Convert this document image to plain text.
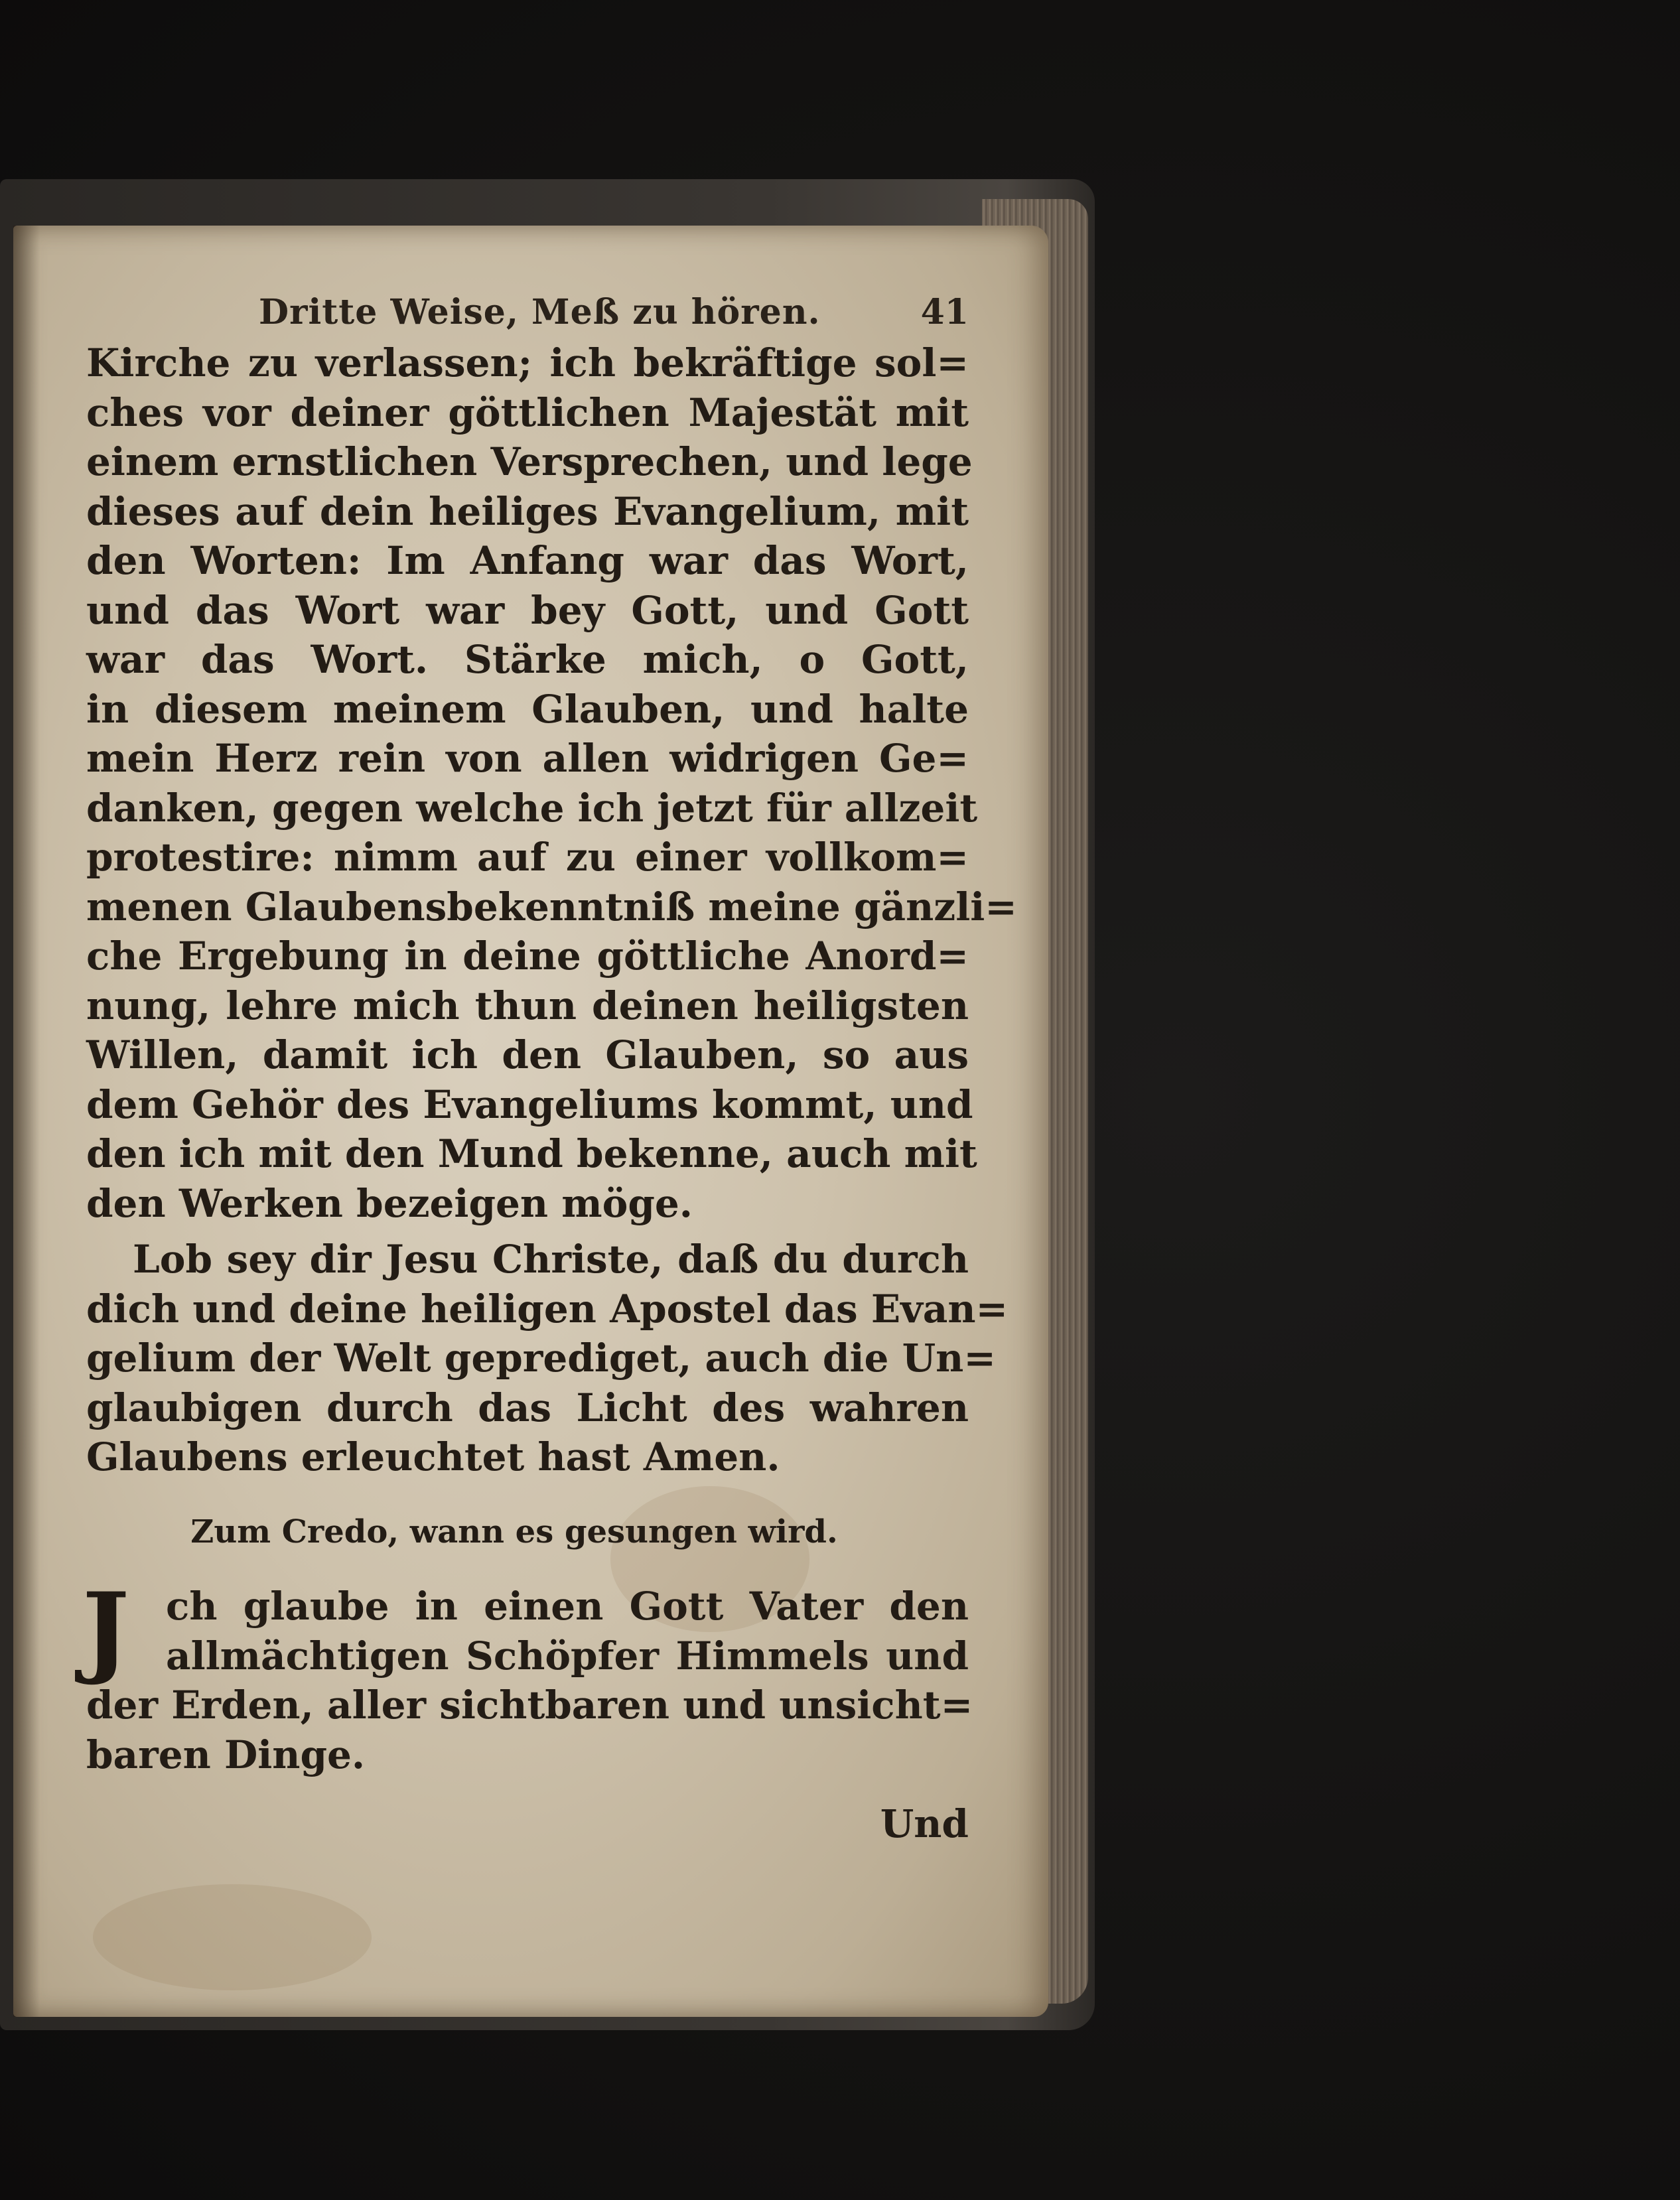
Dritte Weise, Meß zu hören.	41
Kirche zu verlassen; ich bekräftige sol=
ches vor deiner göttlichen Majestät mit
einem ernstlichen Versprechen, und lege
dieses auf dein heiliges Evangelium, mit
den Worten: Im Anfang war das Wort,
und das Wort war bey Gott, und Gott
war das Wort. Stärke mich, o Gott,
in diesem meinem Glauben, und halte
mein Herz rein von allen widrigen Ge=
danken, gegen welche ich jetzt für allzeit
protestire: nimm auf zu einer vollkom=
menen Glaubensbekenntniß meine gänzli=
che Ergebung in deine göttliche Anord=
nung, lehre mich thun deinen heiligsten
Willen, damit ich den Glauben, so aus
dem Gehör des Evangeliums kommt, und
den ich mit den Mund bekenne, auch mit
den Werken bezeigen möge.
Lob sey dir Jesu Christe, daß du durch
dich und deine heiligen Apostel das Evan=
gelium der Welt geprediget, auch die Un=
glaubigen durch das Licht des wahren
Glaubens erleuchtet hast Amen.
Zum Credo, wann es gesungen wird.
J ch glaube in einen Gott Vater den
allmächtigen Schöpfer Himmels und
der Erden, aller sichtbaren und unsicht=
baren Dinge.
Und
